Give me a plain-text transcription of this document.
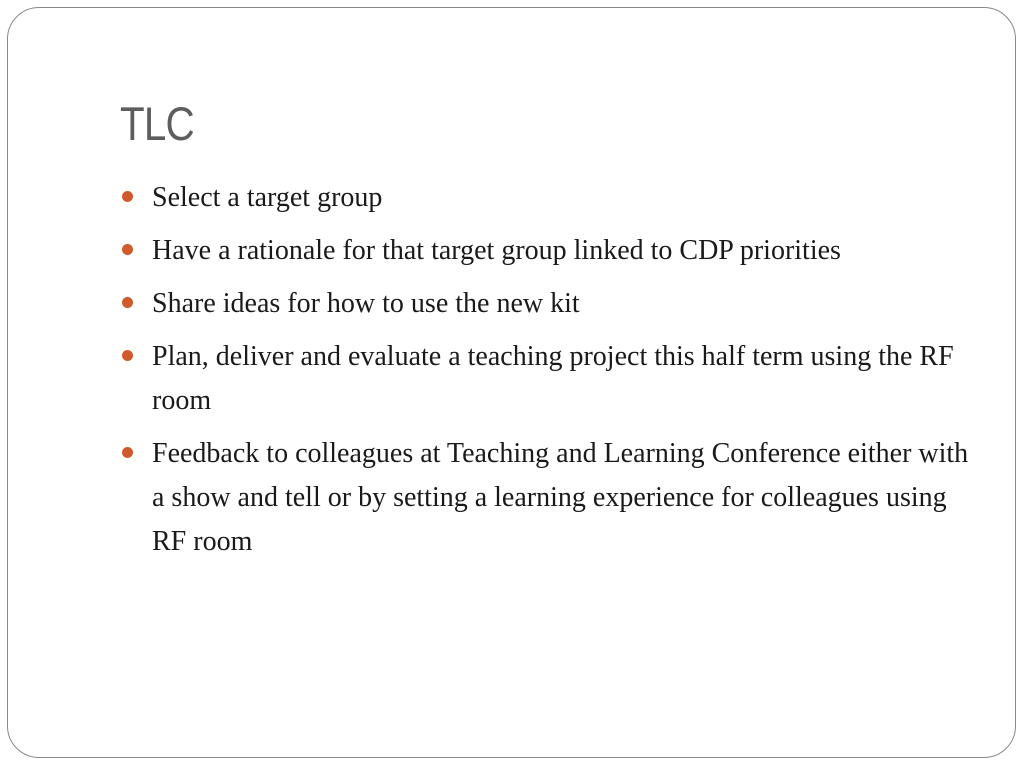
TLC
Select a target group
Have a rationale for that target group linked to CDP priorities
Share ideas for how to use the new kit
Plan, deliver and evaluate a teaching project this half term using the RF room
Feedback to colleagues at Teaching and Learning Conference either with a show and tell or by setting a learning experience for colleagues using RF room
